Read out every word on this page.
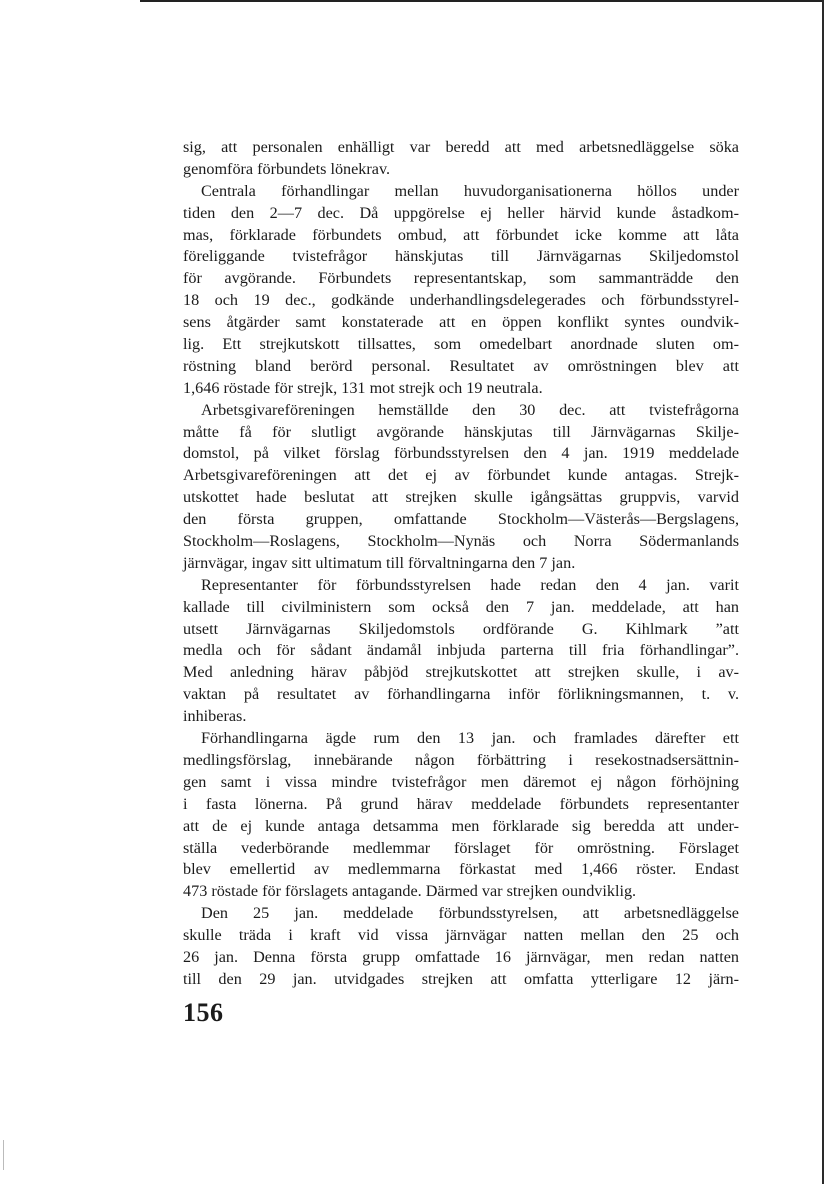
sig, att personalen enhälligt var beredd att med arbetsnedläggelse söka
genomföra förbundets lönekrav.
Centrala förhandlingar mellan huvudorganisationerna höllos under
tiden den 2—7 dec. Då uppgörelse ej heller härvid kunde åstadkom-
mas, förklarade förbundets ombud, att förbundet icke komme att låta
föreliggande tvistefrågor hänskjutas till Järnvägarnas Skiljedomstol
för avgörande. Förbundets representantskap, som sammanträdde den
18 och 19 dec., godkände underhandlingsdelegerades och förbundsstyrel-
sens åtgärder samt konstaterade att en öppen konflikt syntes oundvik-
lig. Ett strejkutskott tillsattes, som omedelbart anordnade sluten om-
röstning bland berörd personal. Resultatet av omröstningen blev att
1,646 röstade för strejk, 131 mot strejk och 19 neutrala.
Arbetsgivareföreningen hemställde den 30 dec. att tvistefrågorna
måtte få för slutligt avgörande hänskjutas till Järnvägarnas Skilje-
domstol, på vilket förslag förbundsstyrelsen den 4 jan. 1919 meddelade
Arbetsgivareföreningen att det ej av förbundet kunde antagas. Strejk-
utskottet hade beslutat att strejken skulle igångsättas gruppvis, varvid
den första gruppen, omfattande Stockholm—Västerås—Bergslagens,
Stockholm—Roslagens, Stockholm—Nynäs och Norra Södermanlands
järnvägar, ingav sitt ultimatum till förvaltningarna den 7 jan.
Representanter för förbundsstyrelsen hade redan den 4 jan. varit
kallade till civilministern som också den 7 jan. meddelade, att han
utsett Järnvägarnas Skiljedomstols ordförande G. Kihlmark ”att
medla och för sådant ändamål inbjuda parterna till fria förhandlingar”.
Med anledning härav påbjöd strejkutskottet att strejken skulle, i av-
vaktan på resultatet av förhandlingarna inför förlikningsmannen, t. v.
inhiberas.
Förhandlingarna ägde rum den 13 jan. och framlades därefter ett
medlingsförslag, innebärande någon förbättring i resekostnadsersättnin-
gen samt i vissa mindre tvistefrågor men däremot ej någon förhöjning
i fasta lönerna. På grund härav meddelade förbundets representanter
att de ej kunde antaga detsamma men förklarade sig beredda att under-
ställa vederbörande medlemmar förslaget för omröstning. Förslaget
blev emellertid av medlemmarna förkastat med 1,466 röster. Endast
473 röstade för förslagets antagande. Därmed var strejken oundviklig.
Den 25 jan. meddelade förbundsstyrelsen, att arbetsnedläggelse
skulle träda i kraft vid vissa järnvägar natten mellan den 25 och
26 jan. Denna första grupp omfattade 16 järnvägar, men redan natten
till den 29 jan. utvidgades strejken att omfatta ytterligare 12 järn-
156
